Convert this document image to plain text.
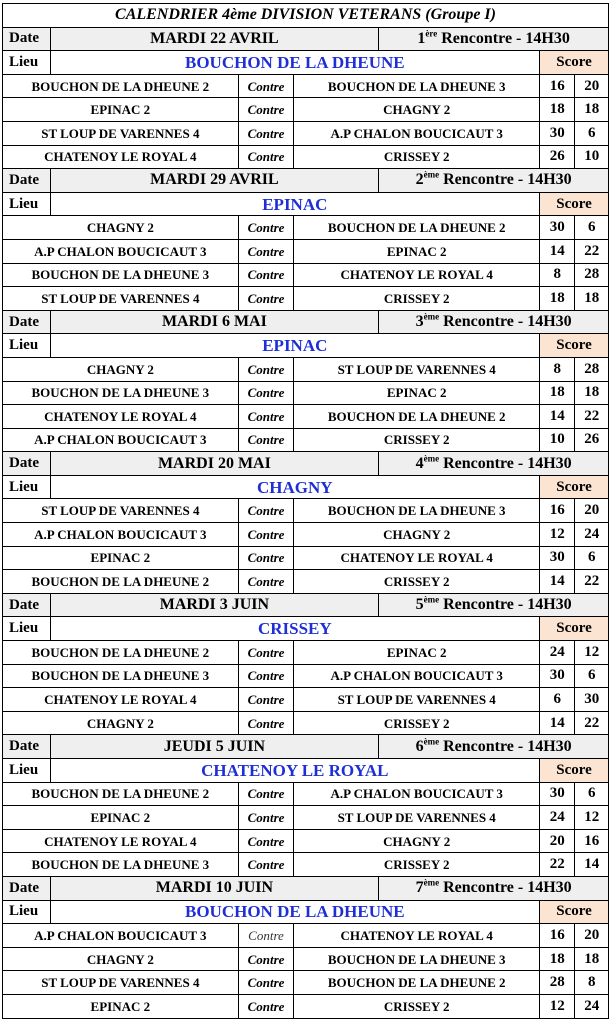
CALENDRIER 4ème DIVISION VETERANS (Groupe I)						
Date	MARDI 22 AVRIL			1ère Rencontre - 14H30		
Lieu	BOUCHON DE LA DHEUNE				Score	
BOUCHON DE LA DHEUNE 2		Contre	BOUCHON DE LA DHEUNE 3		16	20
EPINAC 2		Contre	CHAGNY 2		18	18
ST LOUP DE VARENNES 4		Contre	A.P CHALON BOUCICAUT 3		30	6
CHATENOY LE ROYAL 4		Contre	CRISSEY 2		26	10
Date	MARDI 29 AVRIL			2ème Rencontre - 14H30		
Lieu	EPINAC				Score	
CHAGNY 2		Contre	BOUCHON DE LA DHEUNE 2		30	6
A.P CHALON BOUCICAUT 3		Contre	EPINAC 2		14	22
BOUCHON DE LA DHEUNE 3		Contre	CHATENOY LE ROYAL 4		8	28
ST LOUP DE VARENNES 4		Contre	CRISSEY 2		18	18
Date	MARDI 6 MAI			3ème Rencontre - 14H30		
Lieu	EPINAC				Score	
CHAGNY 2		Contre	ST LOUP DE VARENNES 4		8	28
BOUCHON DE LA DHEUNE 3		Contre	EPINAC 2		18	18
CHATENOY LE ROYAL 4		Contre	BOUCHON DE LA DHEUNE 2		14	22
A.P CHALON BOUCICAUT 3		Contre	CRISSEY 2		10	26
Date	MARDI 20 MAI			4ème Rencontre - 14H30		
Lieu	CHAGNY				Score	
ST LOUP DE VARENNES 4		Contre	BOUCHON DE LA DHEUNE 3		16	20
A.P CHALON BOUCICAUT 3		Contre	CHAGNY 2		12	24
EPINAC 2		Contre	CHATENOY LE ROYAL 4		30	6
BOUCHON DE LA DHEUNE 2		Contre	CRISSEY 2		14	22
Date	MARDI 3 JUIN			5ème Rencontre - 14H30		
Lieu	CRISSEY				Score	
BOUCHON DE LA DHEUNE 2		Contre	EPINAC 2		24	12
BOUCHON DE LA DHEUNE 3		Contre	A.P CHALON BOUCICAUT 3		30	6
CHATENOY LE ROYAL 4		Contre	ST LOUP DE VARENNES 4		6	30
CHAGNY 2		Contre	CRISSEY 2		14	22
Date	JEUDI 5 JUIN			6ème Rencontre - 14H30		
Lieu	CHATENOY LE ROYAL				Score	
BOUCHON DE LA DHEUNE 2		Contre	A.P CHALON BOUCICAUT 3		30	6
EPINAC 2		Contre	ST LOUP DE VARENNES 4		24	12
CHATENOY LE ROYAL 4		Contre	CHAGNY 2		20	16
BOUCHON DE LA DHEUNE 3		Contre	CRISSEY 2		22	14
Date	MARDI 10 JUIN			7ème Rencontre - 14H30		
Lieu	BOUCHON DE LA DHEUNE				Score	
A.P CHALON BOUCICAUT 3		Contre	CHATENOY LE ROYAL 4		16	20
CHAGNY 2		Contre	BOUCHON DE LA DHEUNE 3		18	18
ST LOUP DE VARENNES 4		Contre	BOUCHON DE LA DHEUNE 2		28	8
EPINAC 2		Contre	CRISSEY 2		12	24
